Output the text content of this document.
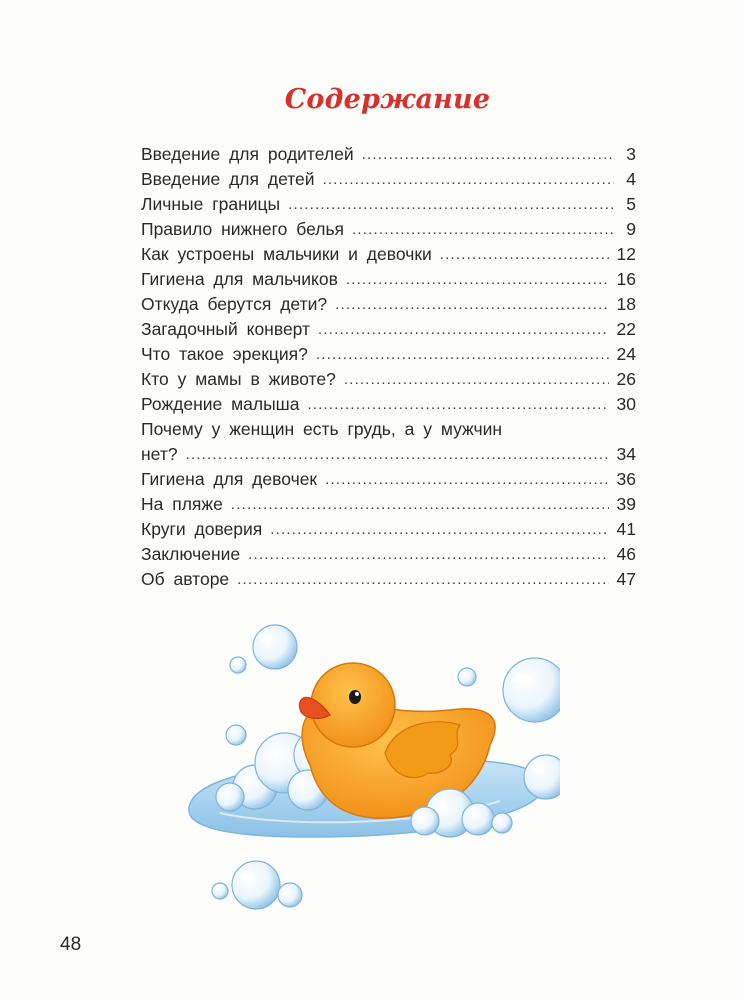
Содержание
Введение для родителей .....	3
Введение для детей .....	4
Личные границы .....	5
Правило нижнего белья .....	9
Как устроены мальчики и девочки .....	12
Гигиена для мальчиков .....	16
Откуда берутся дети? .....	18
Загадочный конверт .....	22
Что такое эрекция? .....	24
Кто у мамы в животе? .....	26
Рождение малыша .....	30
Почему у женщин есть грудь, а у мужчин
нет? .....	34
Гигиена для девочек .....	36
На пляже .....	39
Круги доверия .....	41
Заключение .....	46
Об авторе .....	47
48
